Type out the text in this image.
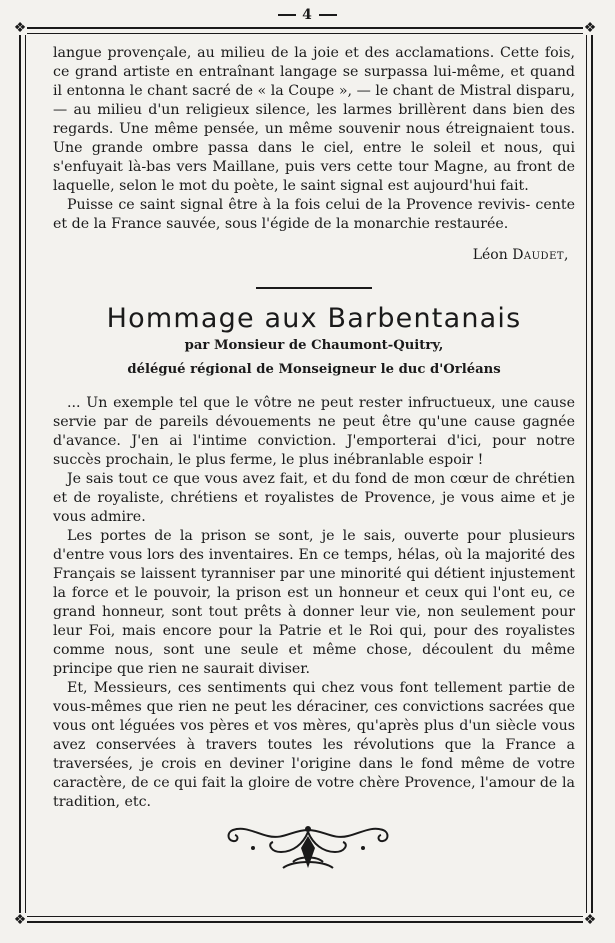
4
❖	❖
❖	❖

langue provençale, au milieu de la joie et des acclamations. Cette fois, ce grand artiste en entraînant langage se surpassa lui-même, et quand il entonna le chant sacré de « la Coupe », — le chant de Mistral disparu, — au milieu d'un religieux silence, les larmes brillèrent dans bien des regards. Une même pensée, un même souvenir nous étreignaient tous. Une grande ombre passa dans le ciel, entre le soleil et nous, qui s'enfuyait là-bas vers Maillane, puis vers cette tour Magne, au front de laquelle, selon le mot du poète, le saint signal est aujourd'hui fait.

Puisse ce saint signal être à la fois celui de la Provence revivis- cente et de la France sauvée, sous l'égide de la monarchie restaurée.

Léon Daudet,
Hommage aux Barbentanais
par Monsieur de Chaumont-Quitry,
délégué régional de Monseigneur le duc d'Orléans

... Un exemple tel que le vôtre ne peut rester infructueux, une cause servie par de pareils dévouements ne peut être qu'une cause gagnée d'avance. J'en ai l'intime conviction. J'emporterai d'ici, pour notre succès prochain, le plus ferme, le plus inébranlable espoir !

Je sais tout ce que vous avez fait, et du fond de mon cœur de chrétien et de royaliste, chrétiens et royalistes de Provence, je vous aime et je vous admire.

Les portes de la prison se sont, je le sais, ouverte pour plusieurs d'entre vous lors des inventaires. En ce temps, hélas, où la majorité des Français se laissent tyranniser par une minorité qui détient injustement la force et le pouvoir, la prison est un honneur et ceux qui l'ont eu, ce grand honneur, sont tout prêts à donner leur vie, non seulement pour leur Foi, mais encore pour la Patrie et le Roi qui, pour des royalistes comme nous, sont une seule et même chose, découlent du même principe que rien ne saurait diviser.

Et, Messieurs, ces sentiments qui chez vous font tellement partie de vous-mêmes que rien ne peut les déraciner, ces convictions sacrées que vous ont léguées vos pères et vos mères, qu'après plus d'un siècle vous avez conservées à travers toutes les révolutions que la France a traversées, je crois en deviner l'origine dans le fond même de votre caractère, de ce qui fait la gloire de votre chère Provence, l'amour de la tradition, etc.
